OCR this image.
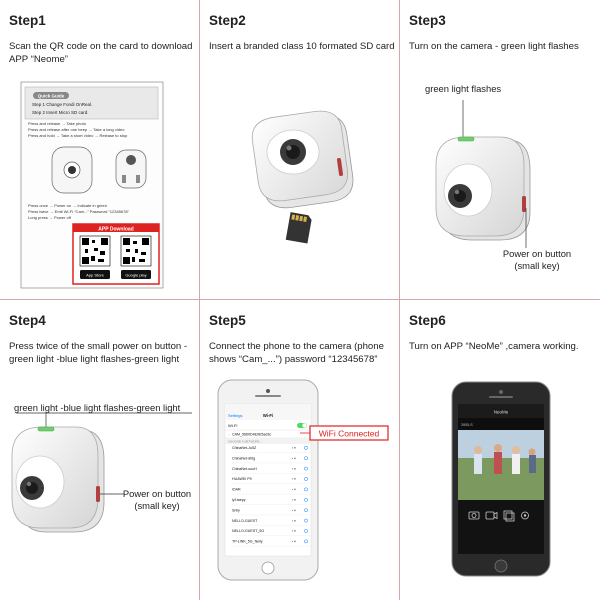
Step1
Scan the QR code on the card to download APP “Neome”
Quick Guide
Step 1 Change Fondi OnReal.
Step 2 Insert Micro SD card.
Press and release → Take photo
Press and release after one beep → Take a long video
Press and hold → Take a short video → Release to stop
Press once → Power on → Indicate in green
Press twice → Emit Wi-Fi “Cam...” Password “12345678”
Long press → Power off
APP Download
App Store	Google play
Step2
Insert a branded class 10 formated SD card
Step3
Turn on the camera - green light flashes
green light flashes
Power on button
(small key)
Step4
Press twice of the small power on button -green light -blue light flashes-green light
green light -blue light flashes-green light
Power on button
(small key)
Step5
Connect the phone to the camera (phone shows “Cam_...”) password “12345678”
Settings	Wi-Fi
Wi-Fi
✓ CAM_5660D4E0E5ad3c
CHOOSE A NETWORK...
ChinaNet-Ju5Z	▪ ▾
ChinaNet-dbtg	▪ ▾
ChinaNet-uuuH	▪ ▾
HUAWEI P9	▪ ▾
iOAR	▪ ▾
lyf-taepy	▪ ▾
Snily	▪ ▾
NELLO-GUEST	▪ ▾
NELLO-GUEST_5G	▪ ▾
TP-LINK_5G_Nelly	▪ ▾
WiFi Connected
Step6
Turn on APP “NeoMe” ,camera working.
NeoMe
3955-S
